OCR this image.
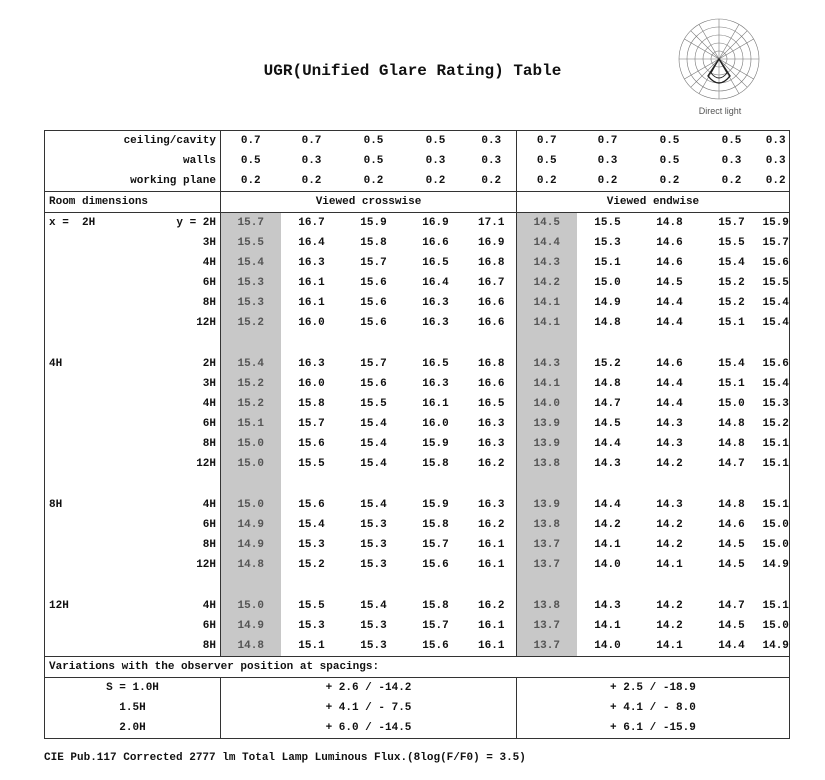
UGR(Unified Glare Rating) Table
Direct light
ceiling/cavity		0.7	0.7	0.5	0.5	0.3	0.7	0.7	0.5	0.5	0.3
walls		0.5	0.3	0.5	0.3	0.3	0.5	0.3	0.5	0.3	0.3
working plane		0.2	0.2	0.2	0.2	0.2	0.2	0.2	0.2	0.2	0.2
Room dimensions		Viewed crosswise					Viewed endwise				
x =  2H	y = 2H	15.7	16.7	15.9	16.9	17.1	14.5	15.5	14.8	15.7	15.9
	3H	15.5	16.4	15.8	16.6	16.9	14.4	15.3	14.6	15.5	15.7
	4H	15.4	16.3	15.7	16.5	16.8	14.3	15.1	14.6	15.4	15.6
	6H	15.3	16.1	15.6	16.4	16.7	14.2	15.0	14.5	15.2	15.5
	8H	15.3	16.1	15.6	16.3	16.6	14.1	14.9	14.4	15.2	15.4
	12H	15.2	16.0	15.6	16.3	16.6	14.1	14.8	14.4	15.1	15.4

4H	2H	15.4	16.3	15.7	16.5	16.8	14.3	15.2	14.6	15.4	15.6
	3H	15.2	16.0	15.6	16.3	16.6	14.1	14.8	14.4	15.1	15.4
	4H	15.2	15.8	15.5	16.1	16.5	14.0	14.7	14.4	15.0	15.3
	6H	15.1	15.7	15.4	16.0	16.3	13.9	14.5	14.3	14.8	15.2
	8H	15.0	15.6	15.4	15.9	16.3	13.9	14.4	14.3	14.8	15.1
	12H	15.0	15.5	15.4	15.8	16.2	13.8	14.3	14.2	14.7	15.1

8H	4H	15.0	15.6	15.4	15.9	16.3	13.9	14.4	14.3	14.8	15.1
	6H	14.9	15.4	15.3	15.8	16.2	13.8	14.2	14.2	14.6	15.0
	8H	14.9	15.3	15.3	15.7	16.1	13.7	14.1	14.2	14.5	15.0
	12H	14.8	15.2	15.3	15.6	16.1	13.7	14.0	14.1	14.5	14.9

12H	4H	15.0	15.5	15.4	15.8	16.2	13.8	14.3	14.2	14.7	15.1
	6H	14.9	15.3	15.3	15.7	16.1	13.7	14.1	14.2	14.5	15.0
	8H	14.8	15.1	15.3	15.6	16.1	13.7	14.0	14.1	14.4	14.9
Variations with the observer position at spacings:											
S = 1.0H		+ 2.6 / -14.2					+ 2.5 / -18.9				
1.5H		+ 4.1 / - 7.5					+ 4.1 / - 8.0				
2.0H		+ 6.0 / -14.5					+ 6.1 / -15.9				
CIE Pub.117 Corrected 2777 lm Total Lamp Luminous Flux.(8log(F/F0) = 3.5)
